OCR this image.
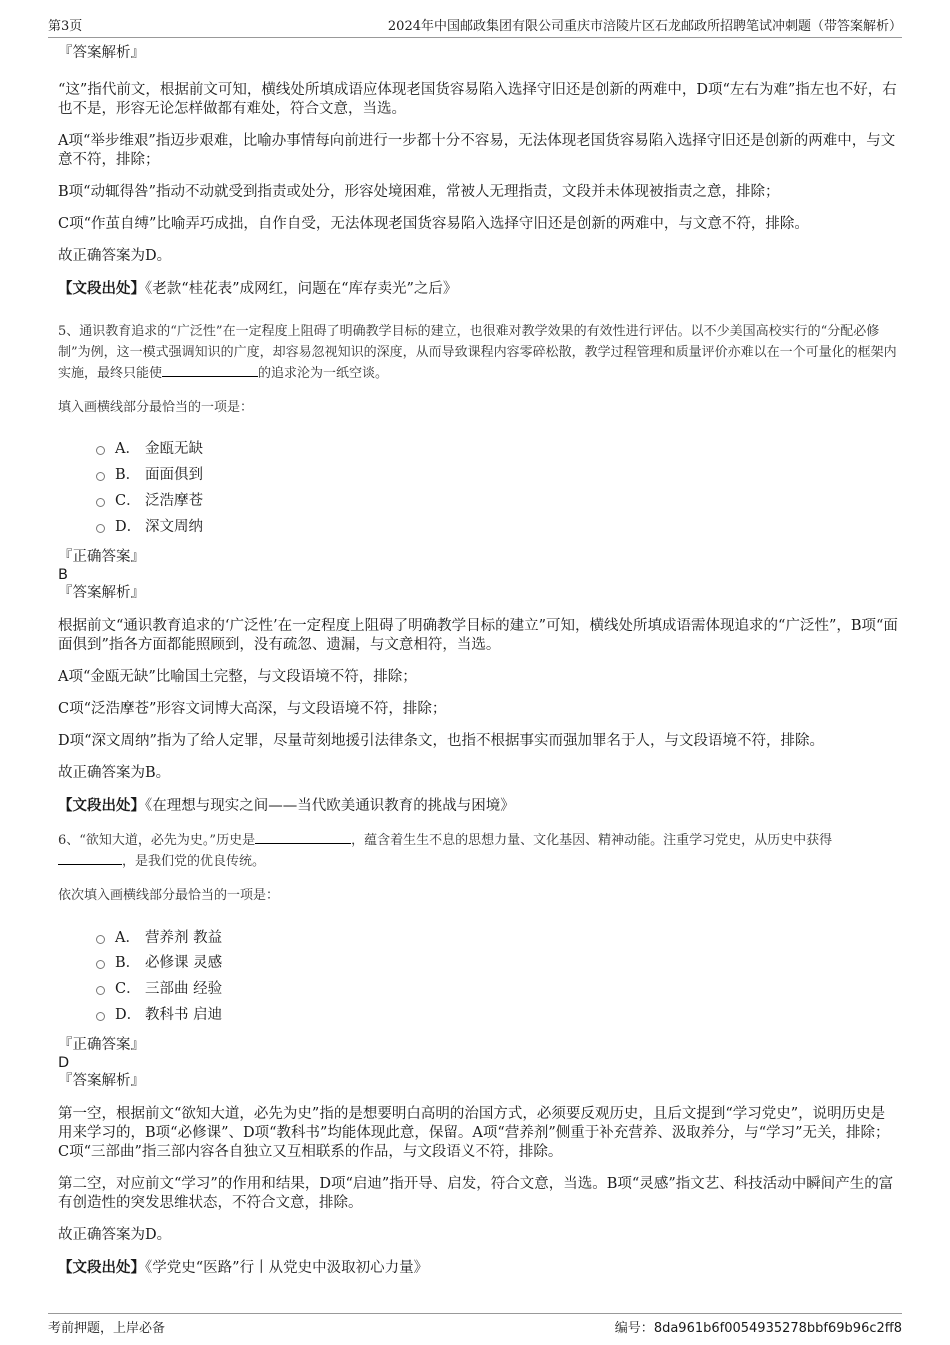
第3页	2024年中国邮政集团有限公司重庆市涪陵片区石龙邮政所招聘笔试冲刺题（带答案解析）

『答案解析』

“这”指代前文，根据前文可知，横线处所填成语应体现老国货容易陷入选择守旧还是创新的两难中，D项“左右为难”指左也不好，右也不是，形容无论怎样做都有难处，符合文意，当选。

A项“举步维艰”指迈步艰难，比喻办事情每向前进行一步都十分不容易，无法体现老国货容易陷入选择守旧还是创新的两难中，与文意不符，排除；

B项“动辄得咎”指动不动就受到指责或处分，形容处境困难，常被人无理指责，文段并未体现被指责之意，排除；

C项“作茧自缚”比喻弄巧成拙，自作自受，无法体现老国货容易陷入选择守旧还是创新的两难中，与文意不符，排除。

故正确答案为D。

【文段出处】《老款“桂花表”成网红，问题在“库存卖光”之后》

5、通识教育追求的“广泛性”在一定程度上阻碍了明确教学目标的建立，也很难对教学效果的有效性进行评估。以不少美国高校实行的“分配必修制”为例，这一模式强调知识的广度，却容易忽视知识的深度，从而导致课程内容零碎松散，教学过程管理和质量评价亦难以在一个可量化的框架内实施，最终只能使	的追求沦为一纸空谈。

填入画横线部分最恰当的一项是：

A． 金瓯无缺
B． 面面俱到
C． 泛浩摩苍
D． 深文周纳

『正确答案』

B

『答案解析』

根据前文“通识教育追求的‘广泛性’在一定程度上阻碍了明确教学目标的建立”可知，横线处所填成语需体现追求的“广泛性”，B项“面面俱到”指各方面都能照顾到，没有疏忽、遗漏，与文意相符，当选。

A项“金瓯无缺”比喻国土完整，与文段语境不符，排除；

C项“泛浩摩苍”形容文词博大高深，与文段语境不符，排除；

D项“深文周纳”指为了给人定罪，尽量苛刻地援引法律条文，也指不根据事实而强加罪名于人，与文段语境不符，排除。

故正确答案为B。

【文段出处】《在理想与现实之间——当代欧美通识教育的挑战与困境》

6、“欲知大道，必先为史。”历史是	，蕴含着生生不息的思想力量、文化基因、精神动能。注重学习党史，从历史中获得
，是我们党的优良传统。

依次填入画横线部分最恰当的一项是：

A． 营养剂 教益
B． 必修课 灵感
C． 三部曲 经验
D． 教科书 启迪

『正确答案』

D

『答案解析』

第一空，根据前文“欲知大道，必先为史”指的是想要明白高明的治国方式，必须要反观历史，且后文提到“学习党史”，说明历史是用来学习的，B项“必修课”、D项“教科书”均能体现此意，保留。A项“营养剂”侧重于补充营养、汲取养分，与“学习”无关，排除；C项“三部曲”指三部内容各自独立又互相联系的作品，与文段语义不符，排除。

第二空，对应前文“学习”的作用和结果，D项“启迪”指开导、启发，符合文意，当选。B项“灵感”指文艺、科技活动中瞬间产生的富有创造性的突发思维状态，不符合文意，排除。

故正确答案为D。

【文段出处】《学党史“医路”行丨从党史中汲取初心力量》

考前押题，上岸必备	编号：8da961b6f0054935278bbf69b96c2ff8
